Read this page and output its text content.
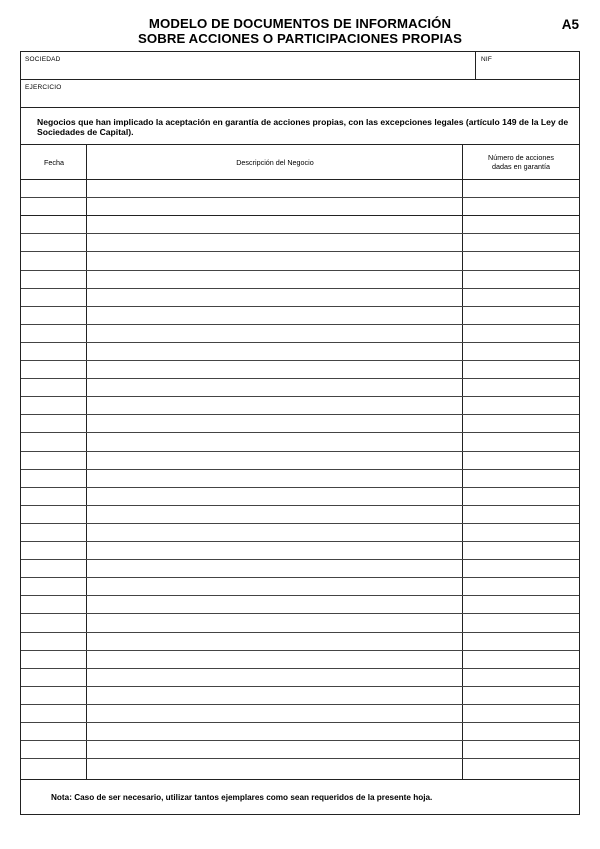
MODELO DE DOCUMENTOS DE INFORMACIÓN
SOBRE ACCIONES O PARTICIPACIONES PROPIAS
A5
SOCIEDAD	NIF
EJERCICIO
Negocios que han implicado la aceptación en garantía de acciones propias, con las excepciones legales (artículo 149 de la Ley de Sociedades de Capital).
Fecha	Descripción del Negocio	Número de acciones
dadas en garantía
Nota: Caso de ser necesario, utilizar tantos ejemplares como sean requeridos de la presente hoja.
